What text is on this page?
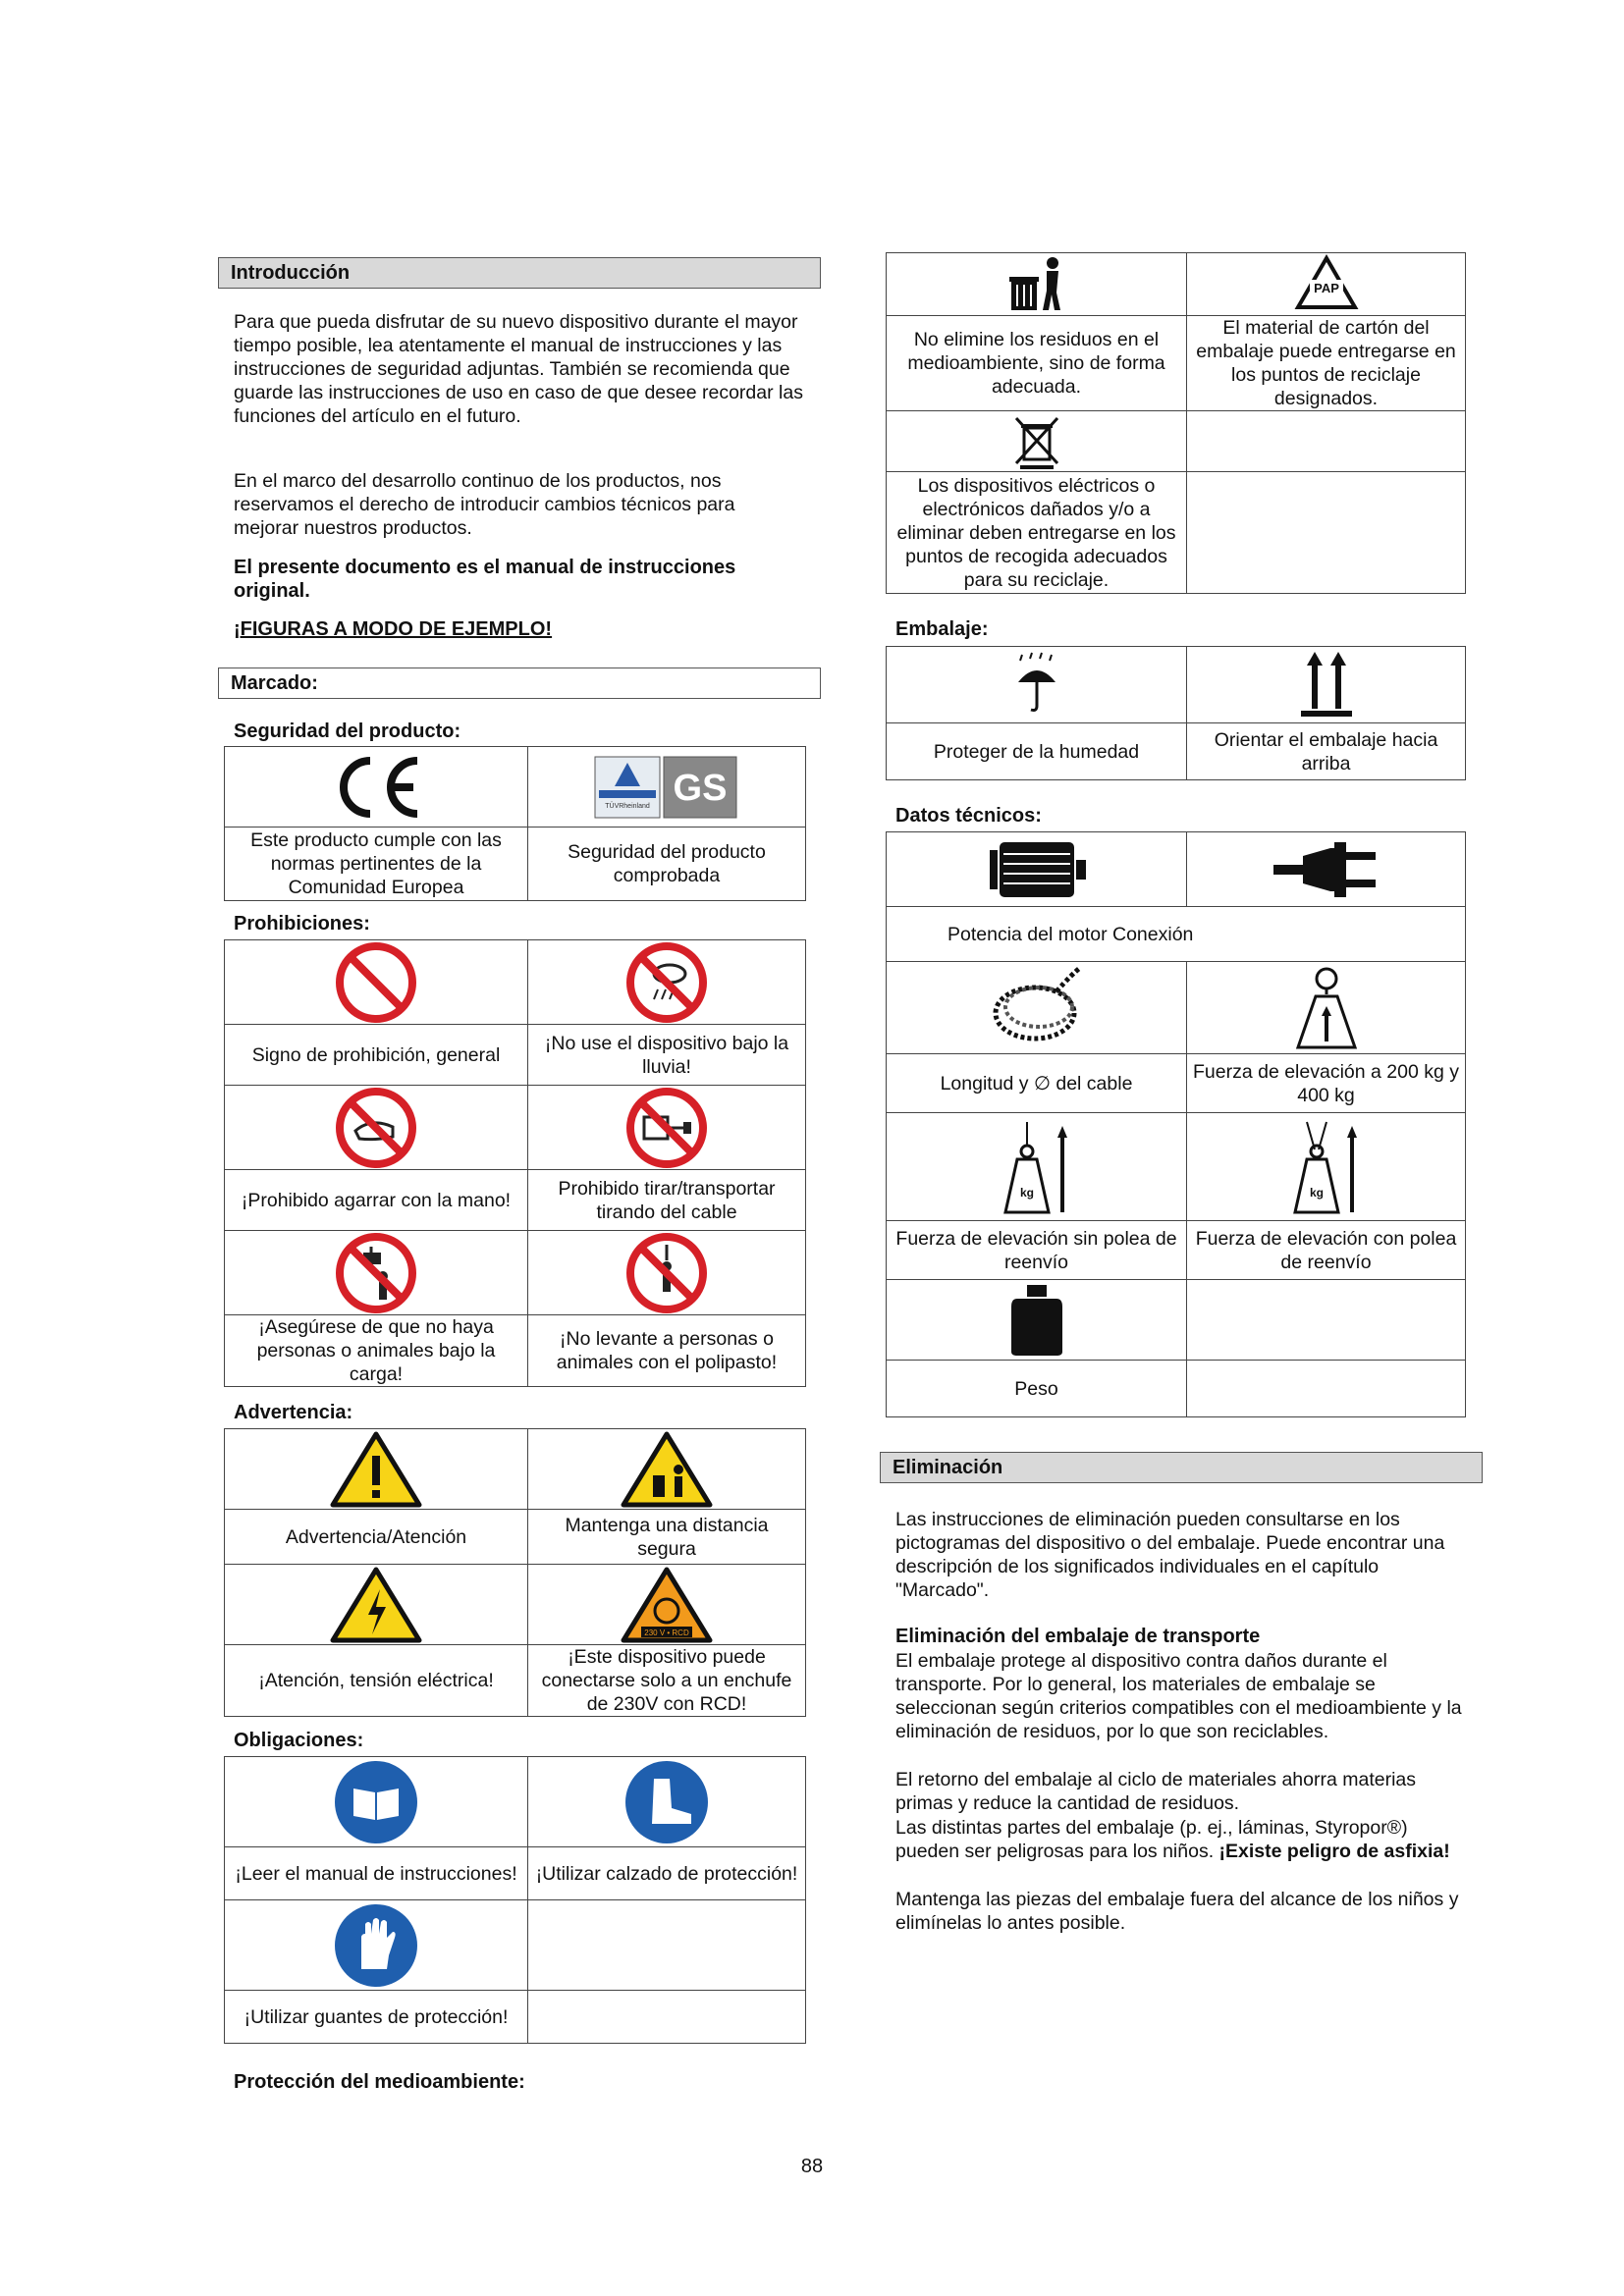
Introducción

Para que pueda disfrutar de su nuevo dispositivo durante el mayor tiempo posible, lea atentamente el manual de instrucciones y las instrucciones de seguridad adjuntas. También se recomienda que guarde las instrucciones de uso en caso de que desee recordar las funciones del artículo en el futuro.

En el marco del desarrollo continuo de los productos, nos reservamos el derecho de introducir cambios técnicos para mejorar nuestros productos.

El presente documento es el manual de instrucciones original.

¡FIGURAS A MODO DE EJEMPLO!

Marcado:
Seguridad del producto:

TÜVRheinland GS

Este producto cumple con las normas pertinentes de la Comunidad Europea	Seguridad del producto comprobada
Prohibiciones:

Signo de prohibición, general	¡No use el dispositivo bajo la lluvia!

¡Prohibido agarrar con la mano!	Prohibido tirar/transportar tirando del cable

¡Asegúrese de que no haya personas o animales bajo la carga!	¡No levante a personas o animales con el polipasto!
Advertencia:

Advertencia/Atención	Mantenga una distancia segura

230 V • RCD

¡Atención, tensión eléctrica!	¡Este dispositivo puede conectarse solo a un enchufe de 230V con RCD!
Obligaciones:

¡Leer el manual de instrucciones!	¡Utilizar calzado de protección!

¡Utilizar guantes de protección!	
Protección del medioambiente:

PAP

No elimine los residuos en el medioambiente, sino de forma adecuada.	El material de cartón del embalaje puede entregarse en los puntos de reciclaje designados.

Los dispositivos eléctricos o electrónicos dañados y/o a eliminar deben entregarse en los puntos de recogida adecuados para su reciclaje.	
Embalaje:

Proteger de la humedad	Orientar el embalaje hacia arriba
Datos técnicos:

Potencia del motor Conexión	

Longitud y ∅ del cable	Fuerza de elevación a 200 kg y 400 kg

kg	kg

Fuerza de elevación sin polea de reenvío	Fuerza de elevación con polea de reenvío

Peso	
Eliminación

Las instrucciones de eliminación pueden consultarse en los pictogramas del dispositivo o del embalaje. Puede encontrar una descripción de los significados individuales en el capítulo "Marcado".

Eliminación del embalaje de transporte

El embalaje protege al dispositivo contra daños durante el transporte. Por lo general, los materiales de embalaje se seleccionan según criterios compatibles con el medioambiente y la eliminación de residuos, por lo que son reciclables.

El retorno del embalaje al ciclo de materiales ahorra materias primas y reduce la cantidad de residuos.

Las distintas partes del embalaje (p. ej., láminas, Styropor®) pueden ser peligrosas para los niños. ¡Existe peligro de asfixia!

Mantenga las piezas del embalaje fuera del alcance de los niños y elimínelas lo antes posible.

88
